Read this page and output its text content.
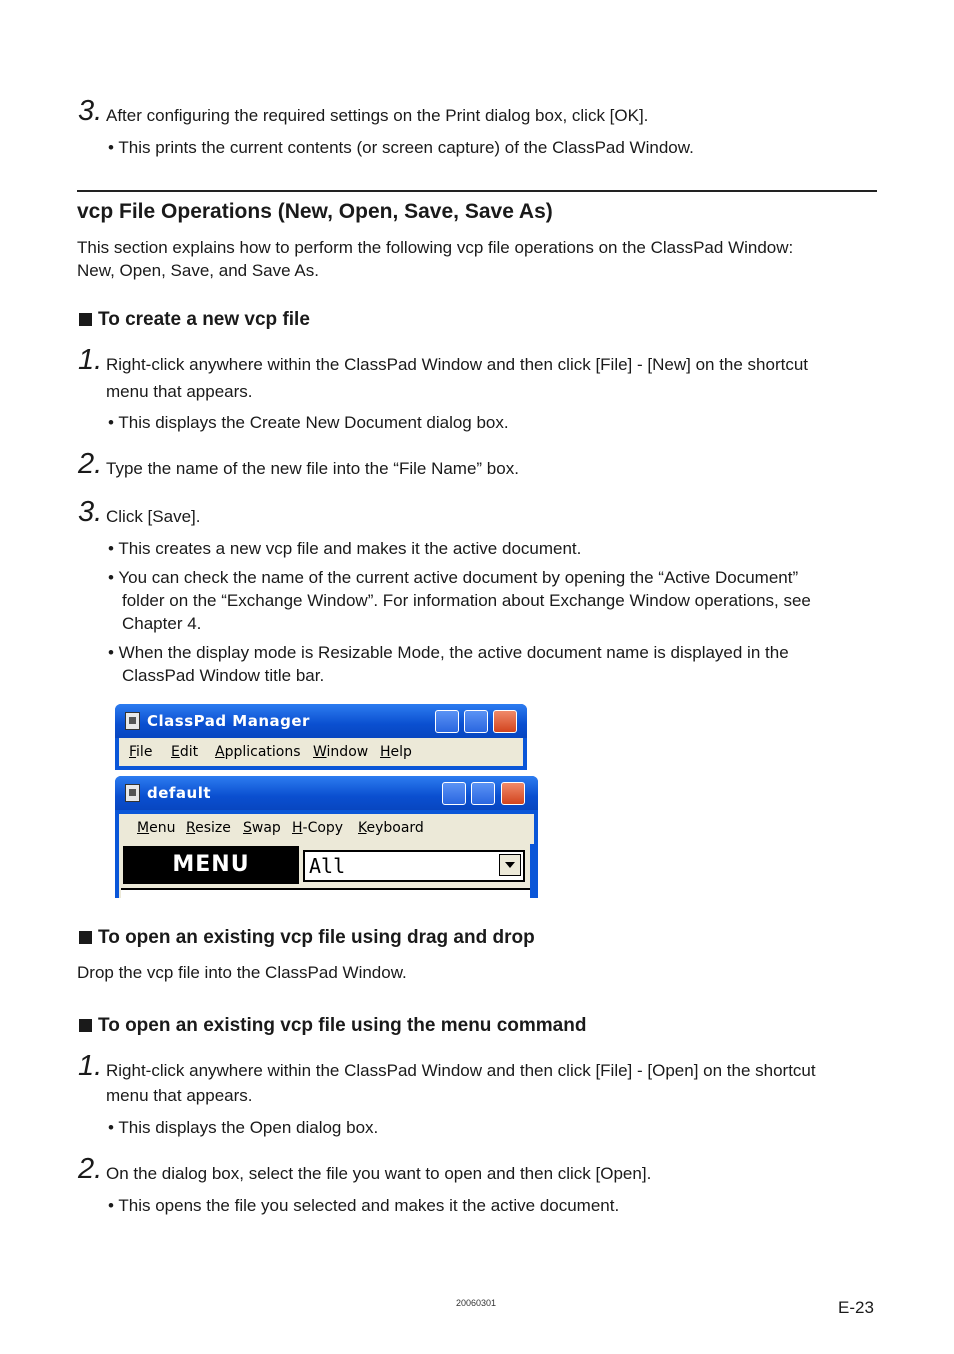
3. After configuring the required settings on the Print dialog box, click [OK].
• This prints the current contents (or screen capture) of the ClassPad Window.
vcp File Operations (New, Open, Save, Save As)
This section explains how to perform the following vcp file operations on the ClassPad Window:
New, Open, Save, and Save As.
To create a new vcp file
1. Right-click anywhere within the ClassPad Window and then click [File] - [New] on the shortcut
menu that appears.
• This displays the Create New Document dialog box.
2. Type the name of the new file into the “File Name” box.
3. Click [Save].
• This creates a new vcp file and makes it the active document.
• You can check the name of the current active document by opening the “Active Document”
folder on the “Exchange Window”. For information about Exchange Window operations, see
Chapter 4.
• When the display mode is Resizable Mode, the active document name is displayed in the
ClassPad Window title bar.
ClassPad Manager
File Edit Applications Window Help
default
Menu Resize Swap H-Copy Keyboard
MENU	All
To open an existing vcp file using drag and drop
Drop the vcp file into the ClassPad Window.
To open an existing vcp file using the menu command
1. Right-click anywhere within the ClassPad Window and then click [File] - [Open] on the shortcut
menu that appears.
• This displays the Open dialog box.
2. On the dialog box, select the file you want to open and then click [Open].
• This opens the file you selected and makes it the active document.
20060301	E-23
